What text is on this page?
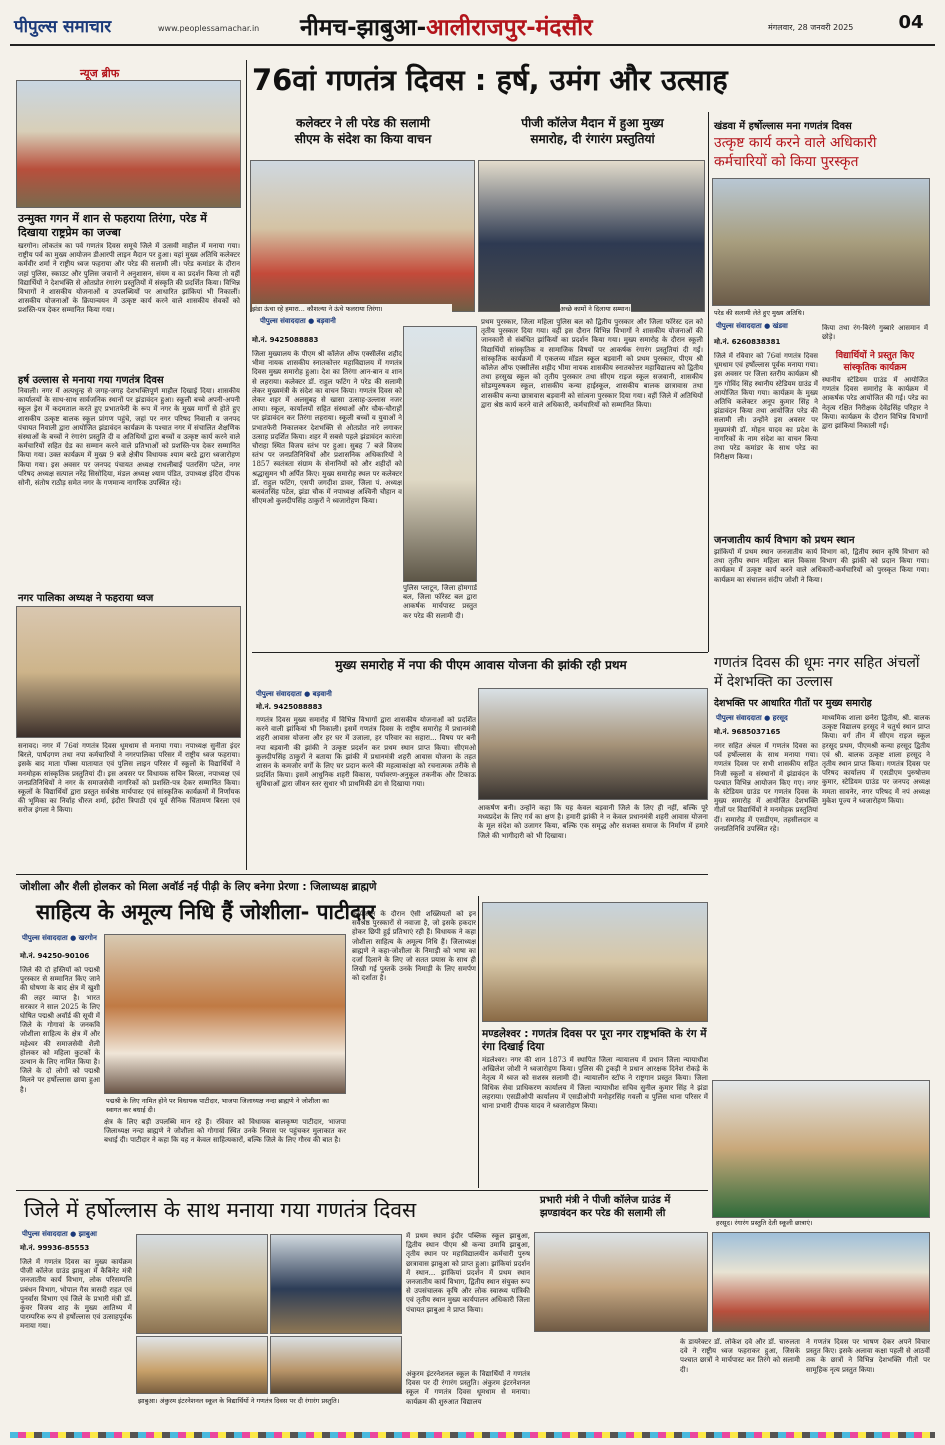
पीपुल्स समाचार	www.peoplessamachar.in नीमच-झाबुआ-आलीराजपुर-मंदसौर	मंगलवार, 28 जनवरी 2025	04
न्यूज ब्रीफ
उन्मुक्त गगन में शान से फहराया तिरंगा, परेड में दिखाया राष्ट्रप्रेम का जज्बा
खरगोन। लोकतंत्र का पर्व गणतंत्र दिवस समूचे जिले में उत्सवी माहौल में मनाया गया। राष्ट्रीय पर्व का मुख्य आयोजन डीआरपी लाइन मैदान पर हुआ। यहां मुख्य अतिथि कलेक्टर कर्मवीर शर्मा ने राष्ट्रीय ध्वज फहराया और परेड की सलामी ली। परेड कमांडर के दौरान जहां पुलिस, स्काउट और पुलिस जवानों ने अनुशासन, संयम व का प्रदर्शन किया तो वहीं विद्यार्थियों ने देशभक्ति से ओतप्रोत रंगारंग प्रस्तुतियों में संस्कृति की प्रदर्शित किया। विभिन्न विभागों ने शासकीय योजनाओं व उपलब्धियों पर आधारित झांकियां भी निकालीं। शासकीय योजनाओं के क्रियान्वयन में उत्कृष्ट कार्य करने वाले शासकीय सेवकों को प्रशस्ति-पत्र देकर सम्मानित किया गया।
हर्ष उल्लास से मनाया गया गणतंत्र दिवस
निवाली। नगर में अत्यधुन्ह से जगह-जगह देशभक्तिपूर्ण माहौल दिखाई दिया। शासकीय कार्यालयों के साथ-साथ सार्वजनिक स्थानों पर झंडावंदन हुआ। स्कूली बच्चे अपनी-अपनी स्कूल ड्रेस में कदमताल करते हुए प्रभातफेरी के रूप में नगर के मुख्य मार्गों से होते हुए शासकीय उत्कृष्ट बालक स्कूल प्रांगण पहुंचे, जहां पर नगर परिषद निवाली व जनपद पंचायत निवाली द्वारा आयोजित झंडावंदन कार्यक्रम के पश्चात नगर में संचालित शैक्षणिक संस्थाओं के बच्चों ने रंगारंग प्रस्तुति दी व अतिथियों द्वारा बच्चों व उत्कृष्ट कार्य करने वाले कर्मचारियों सहित ग्रेड का सम्मान करने वाले प्रतिभाओं को प्रशस्ति-पत्र देकर सम्मानित किया गया। उक्त कार्यक्रम में मुख्य 9 बजे क्षेत्रीय विधायक श्याम बरडे द्वारा ध्वजारोहण किया गया। इस अवसर पर जनपद पंचायत अध्यक्ष राधलीबाई पतरसिंग पटेल, नगर परिषद अध्यक्ष सत्पाल नरेंद्र सिसोदिया, मंडल अध्यक्ष श्याम पंडित, उपाध्यक्ष इंदिरा दीपक सोनी, संतोष राठौड़ समेत नगर के गणमान्य नागरिक उपस्थित रहे।
नगर पालिका अध्यक्ष ने फहराया ध्वज
सनावद। नगर में 76वां गणतंत्र दिवस धूमधाम से मनाया गया। नपाध्यक्ष सुनीता इंदर बिरले, पार्षदगण तथा नपा कर्मचारियों ने नगरपालिका परिसर में राष्ट्रीय ध्वज फहराया। इसके बाद माता पॉक्स यातायात एवं पुलिस लाइन परिसर में स्कूलों के विद्यार्थियों ने मनमोहक सांस्कृतिक प्रस्तुतियां दी। इस अवसर पर विधायक सचिन बिरला, नपाध्यक्ष एवं जनप्रतिनिधियों ने नगर के समाजसेवी नागरिकों को प्रशस्ति-पत्र देकर सम्मानित किया। स्कूलों के विद्यार्थियों द्वारा प्रस्तुत सर्वश्रेष्ठ मार्चपास्ट एवं सांस्कृतिक कार्यक्रमों में निर्णायक की भूमिका का निर्वाह धीरज शर्मा, इंदौरा त्रिपाठी एवं पूर्व सैनिक चिंतामण बिरला एवं सरोज इंगला ने किया।
76वां गणतंत्र दिवस : हर्ष, उमंग और उत्साह
कलेक्टर ने ली परेड की सलामी
सीएम के संदेश का किया वाचन
झंडा ऊंचा रहे हमारा... कौशल्या ने ऊंचे फलराया तिरंगा।
पीपुल्स संवाददाता ● बड़वानी
मो.नं. 9425088883
जिला मुख्यालय के पीएम श्री कॉलेज ऑफ एक्सीलेंस शहीद भीमा नायक शासकीय स्नातकोत्तर महाविद्यालय में गणतंत्र दिवस मुख्य समारोह हुआ। देश का तिरंगा आन-बान व शान से लहराया। कलेक्टर डॉ. राहुल फटिंग ने परेड की सलामी लेकर मुख्यमंत्री के संदेश का वाचन किया। गणतंत्र दिवस को लेकर शहर में अलसुबह से खासा उत्साह-उल्लास नजर आया। स्कूल, कार्यालयों सहित संस्थाओं और चौक-चौराहों पर झंडावंदन कर तिरंगा लहराया। स्कूली बच्चों व युवाओं ने प्रभातफेरी निकालकर देशभक्ति से ओतप्रोत नारे लगाकर उत्साह प्रदर्शित किया। शहर में सबसे पहले झंडावंदन कारंजा चौराहा स्थित विजय स्तंभ पर हुआ। सुबह 7 बजे विजय स्तंभ पर जनप्रतिनिधियों और प्रशासनिक अधिकारियों ने 1857 स्वतंत्रता संग्राम के सेनानियों को और शहीदों को श्रद्धासुमन भी अर्पित किए। मुख्य समारोह स्थल पर कलेक्टर डॉ. राहुल फटिंग, एसपी जगदीश डावर, जिला पं. अध्यक्ष बलवंतसिंह पटेल, झंडा चौक में नपाध्यक्ष अश्विनी चौहान व सीएमओ कुलदीपसिंह ठाकुरों ने ध्वजारोहण किया।
पुलिस प्लाटून, जिला होमगार्ड बल, जिला फॉरेस्ट बल द्वारा आकर्षक मार्चपास्ट प्रस्तुत कर परेड की सलामी दी।
पीजी कॉलेज मैदान में हुआ मुख्य
समारोह, दी रंगारंग प्रस्तुतियां
अच्छे कामों ने दिलाया सम्मान।
प्रथम पुरस्कार, जिला महिला पुलिस बल को द्वितीय पुरस्कार और जिला फॉरेस्ट दल को तृतीय पुरस्कार दिया गया। वहीं इस दौरान विभिन्न विभागों ने शासकीय योजनाओं की जानकारी से संबंधित झांकियों का प्रदर्शन किया गया। मुख्य समारोह के दौरान स्कूली विद्यार्थियों सांस्कृतिक व सामाजिक विषयों पर आकर्षक रंगारंग प्रस्तुतियां दी गईं। सांस्कृतिक कार्यक्रमों में एकलव्य मॉडल स्कूल बड़वानी को प्रथम पुरस्कार, पीएम श्री कॉलेज ऑफ एक्सीलेंस शहीद भीमा नायक शासकीय स्नातकोत्तर महाविद्यालय को द्वितीय तथा हरसुख स्कूल को तृतीय पुरस्कार तथा सीएम राइज स्कूल सजवानी, शासकीय सोडम्पुरुषकम स्कूल, शासकीय कन्या हाईस्कूल, शासकीय बालक छात्रावास तथा शासकीय कन्या छात्रावास बड़वानी को सांत्वना पुरस्कार दिया गया। वहीं जिले में अतिथियों द्वारा श्रेष्ठ कार्य करने वाले अधिकारी, कर्मचारियों को सम्मानित किया।
खंडवा में हर्षोल्लास मना गणतंत्र दिवस
उत्कृष्ट कार्य करने वाले अधिकारी कर्मचारियों को किया पुरस्कृत
परेड की सलामी लेते हुए मुख्य अतिथि।
पीपुल्स संवाददाता ● खंडवा
मो.नं. 6260838381
जिले में रविवार को 76वां गणतंत्र दिवस धूमधाम एवं हर्षोल्लास पूर्वक मनाया गया। इस अवसर पर जिला स्तरीय कार्यक्रम श्री गुरु गोविंद सिंह स्थानीय स्टेडियम ग्राउंड में आयोजित किया गया। कार्यक्रम के मुख्य अतिथि कलेक्टर अनूप कुमार सिंह ने झंडावंदन किया तथा आयोजित परेड की सलामी ली। उन्होंने इस अवसर पर मुख्यमंत्री डॉ. मोहन यादव का प्रदेश के नागरिकों के नाम संदेश का वाचन किया तथा परेड कमांडर के साथ परेड का निरीक्षण किया।
किया तथा रंग-बिरंगे गुब्बारे आसमान में छोड़े।
विद्यार्थियों ने प्रस्तुत किए सांस्कृतिक कार्यक्रम
स्थानीय स्टेडियम ग्राउंड में आयोजित गणतंत्र दिवस समारोह के कार्यक्रम में आकर्षक परेड आयोजित की गई। परेड का नेतृत्व रक्षित निरीक्षक देवेंद्रसिंह परिहार ने किया। कार्यक्रम के दौरान विभिन्न विभागों द्वारा झांकियां निकाली गईं।
जनजातीय कार्य विभाग को प्रथम स्थान
झांकियों में प्रथम स्थान जनजातीय कार्य विभाग को, द्वितीय स्थान कृषि विभाग को तथा तृतीय स्थान महिला बाल विकास विभाग की झांकी को प्रदान किया गया। कार्यक्रम में उत्कृष्ट कार्य करने वाले अधिकारी-कर्मचारियों को पुरस्कृत किया गया। कार्यक्रम का संचालन संदीप जोशी ने किया।
मुख्य समारोह में नपा की पीएम आवास योजना की झांकी रही प्रथम
पीपुल्स संवाददाता ● बड़वानी
मो.नं. 9425088883
गणतंत्र दिवस मुख्य समारोह में विभिन्न विभागों द्वारा शासकीय योजनाओं को प्रदर्शित करने वाली झांकियां भी निकाली। इसमें गणतंत्र दिवस के राष्ट्रीय समारोह में प्रधानमंत्री शहरी आवास योजना और हर घर में उजाला, हर परिवार का सहारा... विषय पर बनी नपा बड़वानी की झांकी ने उत्कृष्ट प्रदर्शन कर प्रथम स्थान प्राप्त किया। सीएमओ कुलदीपसिंह ठाकुरों ने बताया कि झांकी में प्रधानमंत्री शहरी आवास योजना के तहत शासन के कमजोर वर्गों के लिए घर प्रदान करने की महत्वाकांक्षा को रचनात्मक तरीके से प्रदर्शित किया। इसमें आधुनिक शहरी विकास, पर्यावरण-अनुकूल तकनीक और टिकाऊ सुविधाओं द्वारा जीवन स्तर सुधार भी प्राथमिकी ढंग से दिखाया गया।
आकर्षण बनी। उन्होंने कहा कि यह केवल बड़वानी जिले के लिए ही नहीं, बल्कि पूरे मध्यप्रदेश के लिए गर्व का क्षण है। हमारी झांकी ने न केवल प्रधानमंत्री शहरी आवास योजना के मूल संदेश को उजागर किया, बल्कि एक समृद्ध और सशक्त समाज के निर्माण में हमारे जिले की भागीदारी को भी दिखाया।
गणतंत्र दिवस की धूमः नगर सहित अंचलों में देशभक्ति का उल्लास
देशभक्ति पर आधारित गीतों पर मुख्य समारोह
पीपुल्स संवाददाता ● हरसूद
मो.नं. 9685037165
नगर सहित अंचल में गणतंत्र दिवस का पर्व हर्षोल्लास के साथ मनाया गया। गणतंत्र दिवस पर सभी शासकीय सहित निजी स्कूलों व संस्थानों में झंडावंदन के पश्चात विभिन्न आयोजन किए गए। नगर के स्टेडियम ग्राउंड पर गणतंत्र दिवस के मुख्य समारोह में आयोजित देशभक्ति गीतों पर विद्यार्थियों ने मनमोहक प्रस्तुतियां दीं। समारोह में एसडीएम, तहसीलदार व जनप्रतिनिधि उपस्थित रहे।
माध्यमिक शाला छनेरा द्वितीय, श्री. बालक उत्कृष्ट विद्यालय हरसूद ने चतुर्थ स्थान प्राप्त किया। वर्ग तीन में सीएम राइज स्कूल हरसूद प्रथम, पीएमश्री कन्या हरसूद द्वितीय एवं श्री. बालक उत्कृष्ट शाला हरसूद ने तृतीय स्थान प्राप्त किया। गणतंत्र दिवस पर परिषद कार्यालय में एसडीएम पुरुषोत्तम कुमार, स्टेडियम ग्राउंड पर जनपद अध्यक्ष ममता सावनेर, नगर परिषद में नपं अध्यक्ष मुकेश पूज्य ने ध्वजारोहण किया।
हरसूद। रंगारंग प्रस्तुति देती स्कूली छात्राएं।
जोशीला और शैली होलकर को मिला अवॉर्ड नई पीढ़ी के लिए बनेगा प्रेरणा : जिलाध्यक्ष ब्राह्मणे
साहित्य के अमूल्य निधि हैं जोशीला- पाटीदार
पीपुल्स संवाददाता ● खरगोन
मो.नं. 94250-90106
जिले की दो हस्तियों को पद्मश्री पुरस्कार से सम्मानित किए जाने की घोषणा के बाद क्षेत्र में खुशी की लहर व्याप्त है। भारत सरकार ने साल 2025 के लिए घोषित पद्मश्री अवॉर्ड की सूची में जिले के गोगावां के जनकवि जोशीला साहित्य के क्षेत्र में और महेश्वर की समाजसेवी शैली होलकर को महिला कुटकों के उत्थान के लिए नामित किया है। जिले के दो लोगों को पद्मश्री मिलने पर हर्षोल्लास छाया हुआ है।
पद्मश्री के लिए नामित होने पर विधायक पाटीदार, भाजपा जिलाध्यक्ष नन्दा ब्राह्मणे ने जोशीला का स्वागत कर बधाई दी।
क्षेत्र के लिए बड़ी उपलब्धि मान रहे हैं। रविवार को विधायक बालकृष्ण पाटीदार, भाजपा जिलाध्यक्ष नन्दा ब्राह्मणे ने जोशीला को गोगावां स्थित उनके निवास पर पहुंचकर मुलाकात कर बधाई दी। पाटीदार ने कहा कि यह न केवल साहित्यकारों, बल्कि जिले के लिए गौरव की बात है।
कार्यकाल के दौरान ऐसी शख्सियतों को इन सर्वश्रेष्ठ पुरस्कारों से नवाजा है, जो इसके हकदार होकर छिपी हुई प्रतिभाएं रही हैं। विधायक ने कहा जोशीला साहित्य के अमूल्य निधि हैं। जिलाध्यक्ष ब्राह्मणे ने कहा-जोशीला के निमाड़ी को भाषा का दर्जा दिलाने के लिए जो सतत प्रयास के साथ ही लिखी गई पुस्तकें उनके निमाड़ी के लिए समर्पण को दर्शाता है।
मण्डलेश्वर : गणतंत्र दिवस पर पूरा नगर राष्ट्रभक्ति के रंग में रंगा दिखाई दिया
मंडलेश्वर। नगर की शान 1873 में स्थापित जिला न्यायालय में प्रधान जिला न्यायाधीश अखिलेश जोशी ने ध्वजारोहण किया। पुलिस की टुकड़ी ने प्रधान आरक्षक दिनेश रोकड़े के नेतृत्व में ध्वज को सशस्त्र सलामी दी। न्यायालीन स्टॉफ ने राष्ट्रगान प्रस्तुत किया। जिला विधिक सेवा प्राधिकरण कार्यालय में जिला न्यायाधीश सचिव सुनील कुमार सिंह ने झंडा लहराया। एसडीओपी कार्यालय में एसडीओपी मनोहरसिंह गवली व पुलिस थाना परिसर में थाना प्रभारी दीपक यादव ने ध्वजारोहण किया।
जिले में हर्षोल्लास के साथ मनाया गया गणतंत्र दिवस	प्रभारी मंत्री ने पीजी कॉलेज ग्राउंड में झण्डावंदन कर परेड की सलामी ली
पीपुल्स संवाददाता ● झाबुआ
मो.नं. 99936-85553
जिले में गणतंत्र दिवस का मुख्य कार्यक्रम पीजी कॉलेज ग्राउंड झाबुआ में कैबिनेट मंत्री जनजातीय कार्य विभाग, लोक परिसम्पत्ति प्रबंधन विभाग, भोपाल गैस त्रासदी राहत एवं पुनर्वास विभाग एवं जिले के प्रभारी मंत्री डॉ. कुंवर विजय शाह के मुख्य आतिथ्य में पारम्परिक रूप से हर्षोल्लास एवं उत्साहपूर्वक मनाया गया।
झाबुआ। अंकुरम इंटरनेशनल स्कूल के विद्यार्थियों ने गणतंत्र दिवस पर दी रंगारंग प्रस्तुति।
में प्रथम स्थान इंदौर पब्लिक स्कूल झाबुआ, द्वितीय स्थान पीएम श्री कन्या उमावि झाबुआ, तृतीय स्थान पर महाविद्यालयीन कर्मचारी पुरुष छात्रावास झाबुआ को प्राप्त हुआ। झांकियां प्रदर्शन में स्थान... झांकियां प्रदर्शन में प्रथम स्थान जनजातीय कार्य विभाग, द्वितीय स्थान संयुक्त रूप से उपसंचालक कृषि और लोक स्वास्थ्य यांत्रिकी एवं तृतीय स्थान मुख्य कार्यपालन अधिकारी जिला पंचायत झाबुआ ने प्राप्त किया।
अंकुरम इंटरनेशनल स्कूल के विद्यार्थियों ने गणतंत्र दिवस पर दी रंगारंग प्रस्तुति। अंकुरम इंटरनेशनल स्कूल में गणतंत्र दिवस धूमधाम से मनाया। कार्यक्रम की शुरुआत विद्यालय
के डायरेक्टर डॉ. लोकेश दवे और डॉ. चारुलता दवे ने राष्ट्रीय ध्वज फहराकर हुआ, जिसके पश्चात छात्रों ने मार्चपास्ट कर तिरंगे को सलामी दी।
ने गणतंत्र दिवस पर भाषण देकर अपने विचार प्रस्तुत किए। इसके अलावा कक्षा पहली से आठवीं तक के छात्रों ने विभिन्न देशभक्ति गीतों पर सामूहिक नृत्य प्रस्तुत किया।
